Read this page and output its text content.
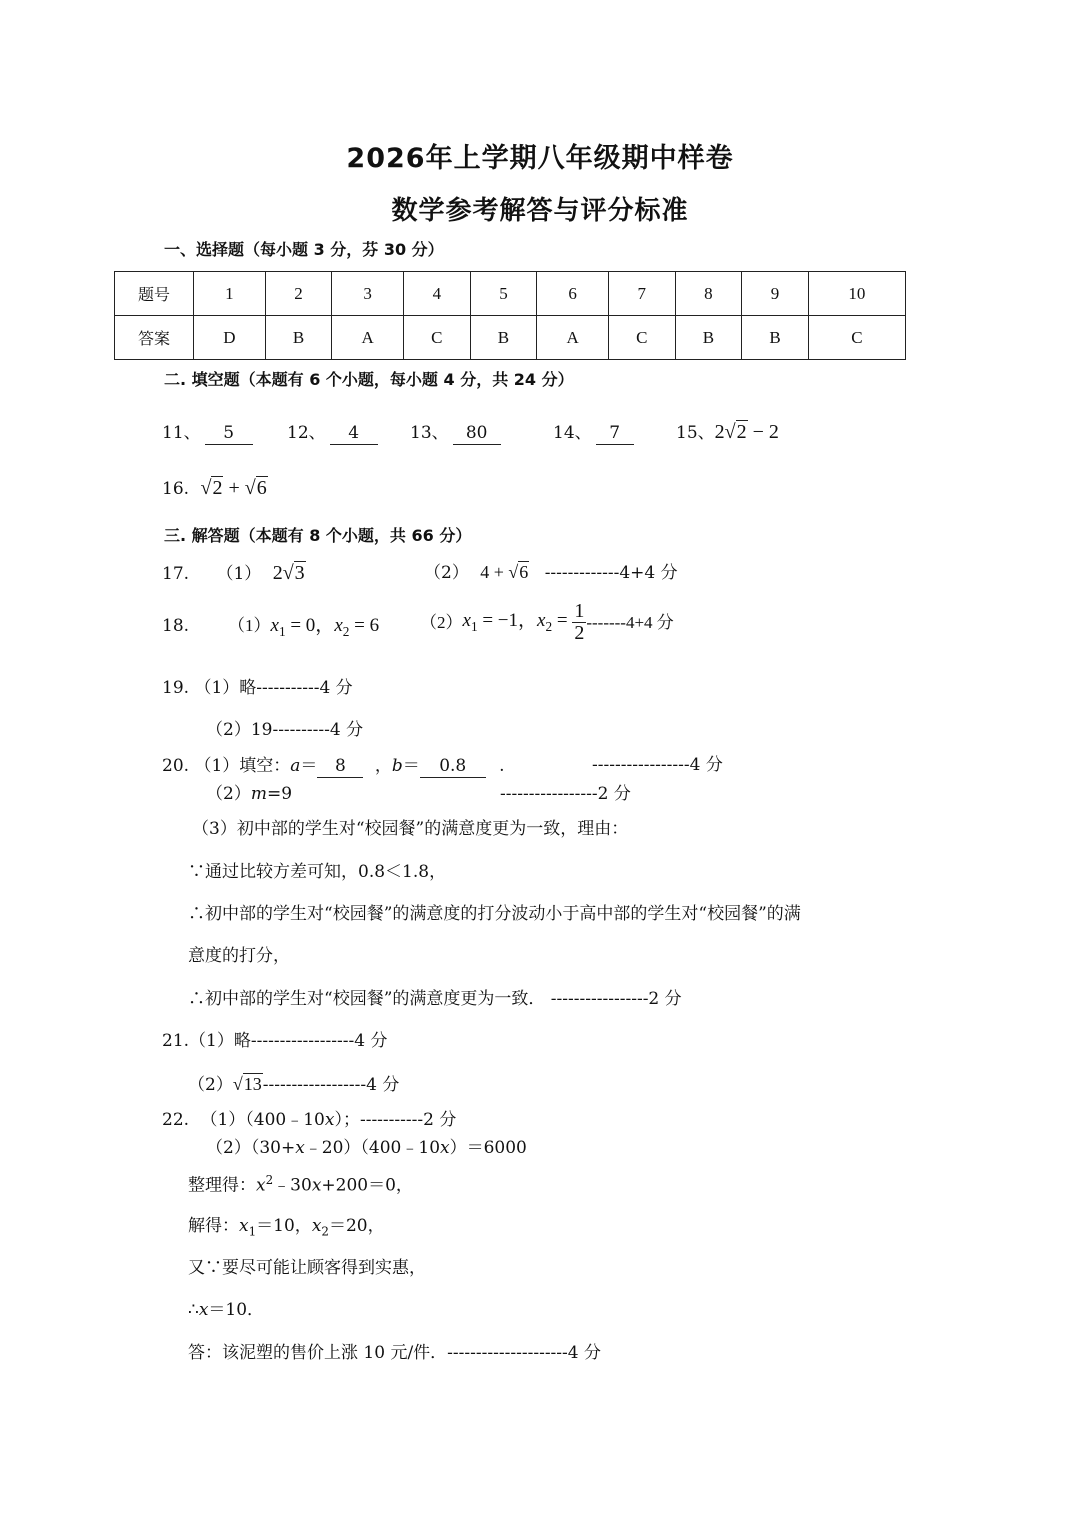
2026年上学期八年级期中样卷
数学参考解答与评分标准
一、选择题（每小题 3 分，芬 30 分）
题号	1	2	3	4	5	6	7	8	9	10
答案	D	B	A	C	B	A	C	B	B	C
二. 填空题（本题有 6 个小题，每小题 4 分，共 24 分）
11、 5	12、 4	13、 80	14、 7	15、2√2 − 2
16. √2 + √6
三. 解答题（本题有 8 个小题，共 66 分）
17. （1） 2√3	（2） 4 + √6 -------------4+4 分
18. $(1)x_1 = 0$，$x_2 = 6$ $(2)x_1 = -1$，$x_2 = \frac{1}{2} -------4+4$ 分
19. （1）略-----------4 分
（2）19----------4 分
20. （1）填空：a＝ 8 ，b＝ 0.8 .	-----------------4 分
（2）m=9	-----------------2 分
（3）初中部的学生对“校园餐”的满意度更为一致，理由：
∵通过比较方差可知，0.8＜1.8，
∴初中部的学生对“校园餐”的满意度的打分波动小于高中部的学生对“校园餐”的满
意度的打分，
∴初中部的学生对“校园餐”的满意度更为一致． -----------------2 分
21.（1）略------------------4 分
（2）√13------------------4 分
22. （1）（400﹣10x）；-----------2 分
（2）（30+x﹣20）（400﹣10x）＝6000
整理得：$x^2﹣30x+200=0$，
解得：$x_1=10$，$x_2=20$，
又∵要尽可能让顾客得到实惠，
∴x＝10．
答：该泥塑的售价上涨 10 元/件．---------------------4 分
